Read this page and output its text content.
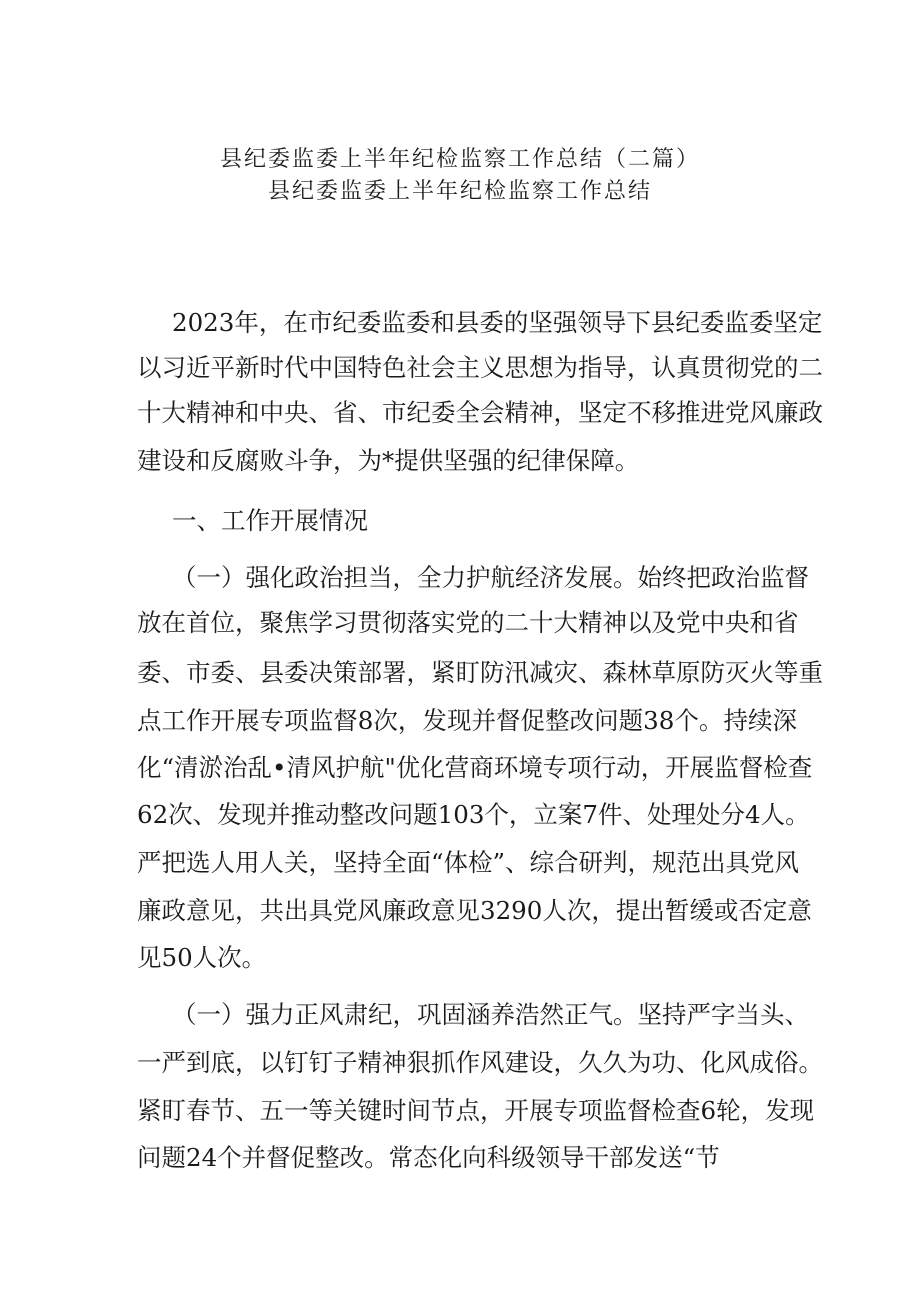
县纪委监委上半年纪检监察工作总结（二篇）
县纪委监委上半年纪检监察工作总结
2023年，在市纪委监委和县委的坚强领导下县纪委监委坚定
以习近平新时代中国特色社会主义思想为指导，认真贯彻党的二
十大精神和中央、省、市纪委全会精神，坚定不移推进党风廉政
建设和反腐败斗争，为*提供坚强的纪律保障。
一、工作开展情况
（一）强化政治担当，全力护航经济发展。始终把政治监督
放在首位，聚焦学习贯彻落实党的二十大精神以及党中央和省
委、市委、县委决策部署，紧盯防汛减灾、森林草原防灭火等重
点工作开展专项监督8次，发现并督促整改问题38个。持续深
化“清淤治乱•清风护航"优化营商环境专项行动，开展监督检查
62次、发现并推动整改问题103个，立案7件、处理处分4人。
严把选人用人关，坚持全面“体检”、综合研判，规范出具党风
廉政意见，共出具党风廉政意见3290人次，提出暂缓或否定意
见50人次。
（一）强力正风肃纪，巩固涵养浩然正气。坚持严字当头、
一严到底，以钉钉子精神狠抓作风建设，久久为功、化风成俗。
紧盯春节、五一等关键时间节点，开展专项监督检查6轮，发现
问题24个并督促整改。常态化向科级领导干部发送“节
